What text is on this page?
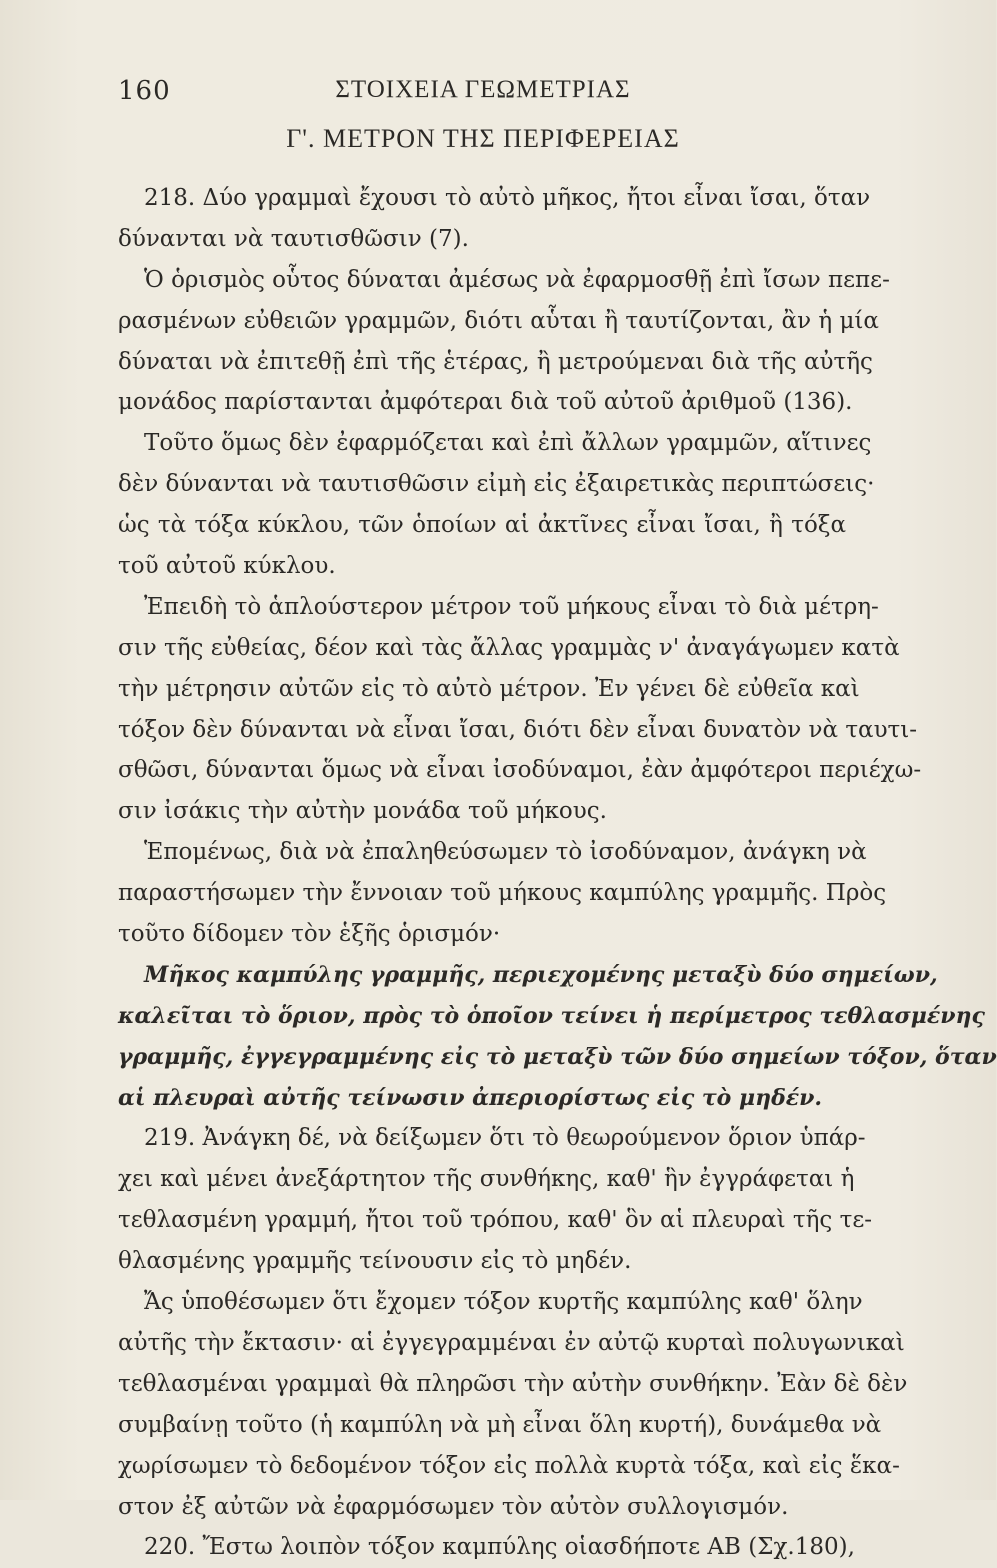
160	ΣΤΟΙΧΕΙΑ ΓΕΩΜΕΤΡΙΑΣ
Γ'. ΜΕΤΡΟΝ ΤΗΣ ΠΕΡΙΦΕΡΕΙΑΣ
218. Δύο γραμμαὶ ἔχουσι τὸ αὐτὸ μῆκος, ἤτοι εἶναι ἴσαι, ὅταν
δύνανται νὰ ταυτισθῶσιν (7).
Ὁ ὁρισμὸς οὗτος δύναται ἀμέσως νὰ ἐφαρμοσθῇ ἐπὶ ἴσων πεπε-
ρασμένων εὐθειῶν γραμμῶν, διότι αὗται ἢ ταυτίζονται, ἂν ἡ μία
δύναται νὰ ἐπιτεθῇ ἐπὶ τῆς ἑτέρας, ἢ μετρούμεναι διὰ τῆς αὐτῆς
μονάδος παρίστανται ἀμφότεραι διὰ τοῦ αὐτοῦ ἀριθμοῦ (136).
Τοῦτο ὅμως δὲν ἐφαρμόζεται καὶ ἐπὶ ἄλλων γραμμῶν, αἵτινες
δὲν δύνανται νὰ ταυτισθῶσιν εἰμὴ εἰς ἐξαιρετικὰς περιπτώσεις·
ὡς τὰ τόξα κύκλου, τῶν ὁποίων αἱ ἀκτῖνες εἶναι ἴσαι, ἢ τόξα
τοῦ αὐτοῦ κύκλου.
Ἐπειδὴ τὸ ἁπλούστερον μέτρον τοῦ μήκους εἶναι τὸ διὰ μέτρη-
σιν τῆς εὐθείας, δέον καὶ τὰς ἄλλας γραμμὰς ν' ἀναγάγωμεν κατὰ
τὴν μέτρησιν αὐτῶν εἰς τὸ αὐτὸ μέτρον. Ἐν γένει δὲ εὐθεῖα καὶ
τόξον δὲν δύνανται νὰ εἶναι ἴσαι, διότι δὲν εἶναι δυνατὸν νὰ ταυτι-
σθῶσι, δύνανται ὅμως νὰ εἶναι ἰσοδύναμοι, ἐὰν ἀμφότεροι περιέχω-
σιν ἰσάκις τὴν αὐτὴν μονάδα τοῦ μήκους.
Ἑπομένως, διὰ νὰ ἐπαληθεύσωμεν τὸ ἰσοδύναμον, ἀνάγκη νὰ
παραστήσωμεν τὴν ἔννοιαν τοῦ μήκους καμπύλης γραμμῆς. Πρὸς
τοῦτο δίδομεν τὸν ἑξῆς ὁρισμόν·
Μῆκος καμπύλης γραμμῆς, περιεχομένης μεταξὺ δύο σημείων,
καλεῖται τὸ ὅριον, πρὸς τὸ ὁποῖον τείνει ἡ περίμετρος τεθλασμένης
γραμμῆς, ἐγγεγραμμένης εἰς τὸ μεταξὺ τῶν δύο σημείων τόξον, ὅταν
αἱ πλευραὶ αὐτῆς τείνωσιν ἀπεριορίστως εἰς τὸ μηδέν.
219. Ἀνάγκη δέ, νὰ δείξωμεν ὅτι τὸ θεωρούμενον ὅριον ὑπάρ-
χει καὶ μένει ἀνεξάρτητον τῆς συνθήκης, καθ' ἣν ἐγγράφεται ἡ
τεθλασμένη γραμμή, ἤτοι τοῦ τρόπου, καθ' ὃν αἱ πλευραὶ τῆς τε-
θλασμένης γραμμῆς τείνουσιν εἰς τὸ μηδέν.
Ἄς ὑποθέσωμεν ὅτι ἔχομεν τόξον κυρτῆς καμπύλης καθ' ὅλην
αὐτῆς τὴν ἔκτασιν· αἱ ἐγγεγραμμέναι ἐν αὐτῷ κυρταὶ πολυγωνικαὶ
τεθλασμέναι γραμμαὶ θὰ πληρῶσι τὴν αὐτὴν συνθήκην. Ἐὰν δὲ δὲν
συμβαίνῃ τοῦτο (ἡ καμπύλη νὰ μὴ εἶναι ὅλη κυρτή), δυνάμεθα νὰ
χωρίσωμεν τὸ δεδομένον τόξον εἰς πολλὰ κυρτὰ τόξα, καὶ εἰς ἕκα-
στον ἐξ αὐτῶν νὰ ἐφαρμόσωμεν τὸν αὐτὸν συλλογισμόν.
220. Ἔστω λοιπὸν τόξον καμπύλης οἱασδήποτε ΑΒ (Σχ.180),
